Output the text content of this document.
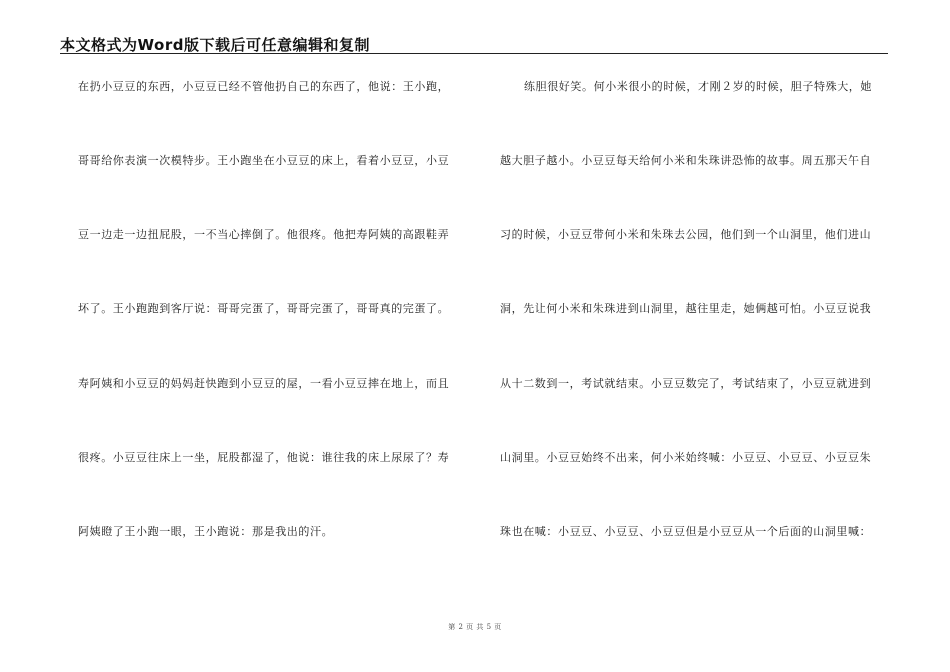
本文格式为Word版下载后可任意编辑和复制
在扔小豆豆的东西，小豆豆已经不管他扔自己的东西了，他说：王小跑，
哥哥给你表演一次模特步。王小跑坐在小豆豆的床上，看着小豆豆，小豆
豆一边走一边扭屁股，一不当心摔倒了。他很疼。他把寿阿姨的高跟鞋弄
坏了。王小跑跑到客厅说：哥哥完蛋了，哥哥完蛋了，哥哥真的完蛋了。
寿阿姨和小豆豆的妈妈赶快跑到小豆豆的屋，一看小豆豆摔在地上，而且
很疼。小豆豆往床上一坐，屁股都湿了，他说：谁往我的床上尿尿了？寿
阿姨瞪了王小跑一眼，王小跑说：那是我出的汗。
练胆很好笑。何小米很小的时候，才刚２岁的时候，胆子特殊大，她
越大胆子越小。小豆豆每天给何小米和朱珠讲恐怖的故事。周五那天午自
习的时候，小豆豆带何小米和朱珠去公园，他们到一个山洞里，他们进山
洞，先让何小米和朱珠进到山洞里，越往里走，她俩越可怕。小豆豆说我
从十二数到一，考试就结束。小豆豆数完了，考试结束了，小豆豆就进到
山洞里。小豆豆始终不出来，何小米始终喊：小豆豆、小豆豆、小豆豆朱
珠也在喊：小豆豆、小豆豆、小豆豆但是小豆豆从一个后面的山洞里喊：
第 2 页 共 5 页
